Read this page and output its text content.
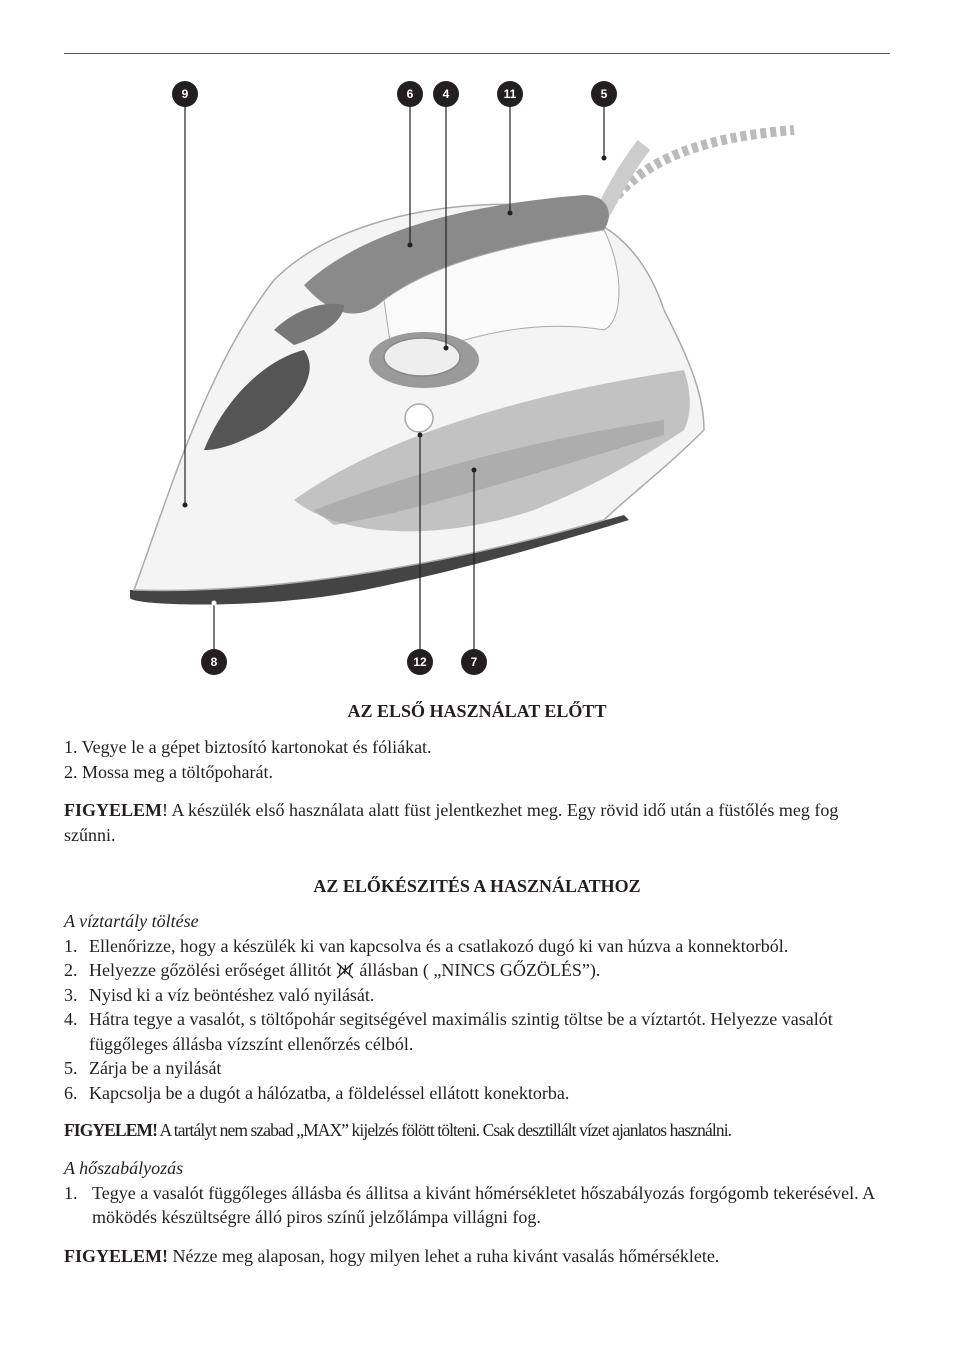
9	6	4	11	5
8	12	7
AZ ELSŐ HASZNÁLAT ELŐTT
1. Vegye le a gépet biztosító kartonokat és fóliákat.
2. Mossa meg a töltőpoharát.
FIGYELEM! A készülék első használata alatt füst jelentkezhet meg. Egy rövid idő után a füstőlés meg fog szűnni.
AZ ELŐKÉSZITÉS A HASZNÁLATHOZ
A víztartály töltése
1. Ellenőrizze, hogy a készülék ki van kapcsolva és a csatlakozó dugó ki van húzva a konnektorból.
2. Helyezze gőzölési erőséget állitót állásban ( „NINCS GŐZÖLÉS”).
3. Nyisd ki a víz beöntéshez való nyilását.
4. Hátra tegye a vasalót, s töltőpohár segitségével maximális szintig töltse be a víztartót. Helyezze vasalót függőleges állásba vízszínt ellenőrzés célból.
5. Zárja be a nyilását
6. Kapcsolja be a dugót a hálózatba, a földeléssel ellátott konektorba.
FIGYELEM! A tartályt nem szabad „MAX” kijelzés fölött tölteni. Csak desztillált vízet ajanlatos használni.
A hőszabályozás
1. Tegye a vasalót függőleges állásba és állitsa a kivánt hőmérsékletet hőszabályozás forgógomb tekerésével. A möködés készültségre álló piros színű jelzőlámpa villágni fog.
FIGYELEM! Nézze meg alaposan, hogy milyen lehet a ruha kivánt vasalás hőmérséklete.
